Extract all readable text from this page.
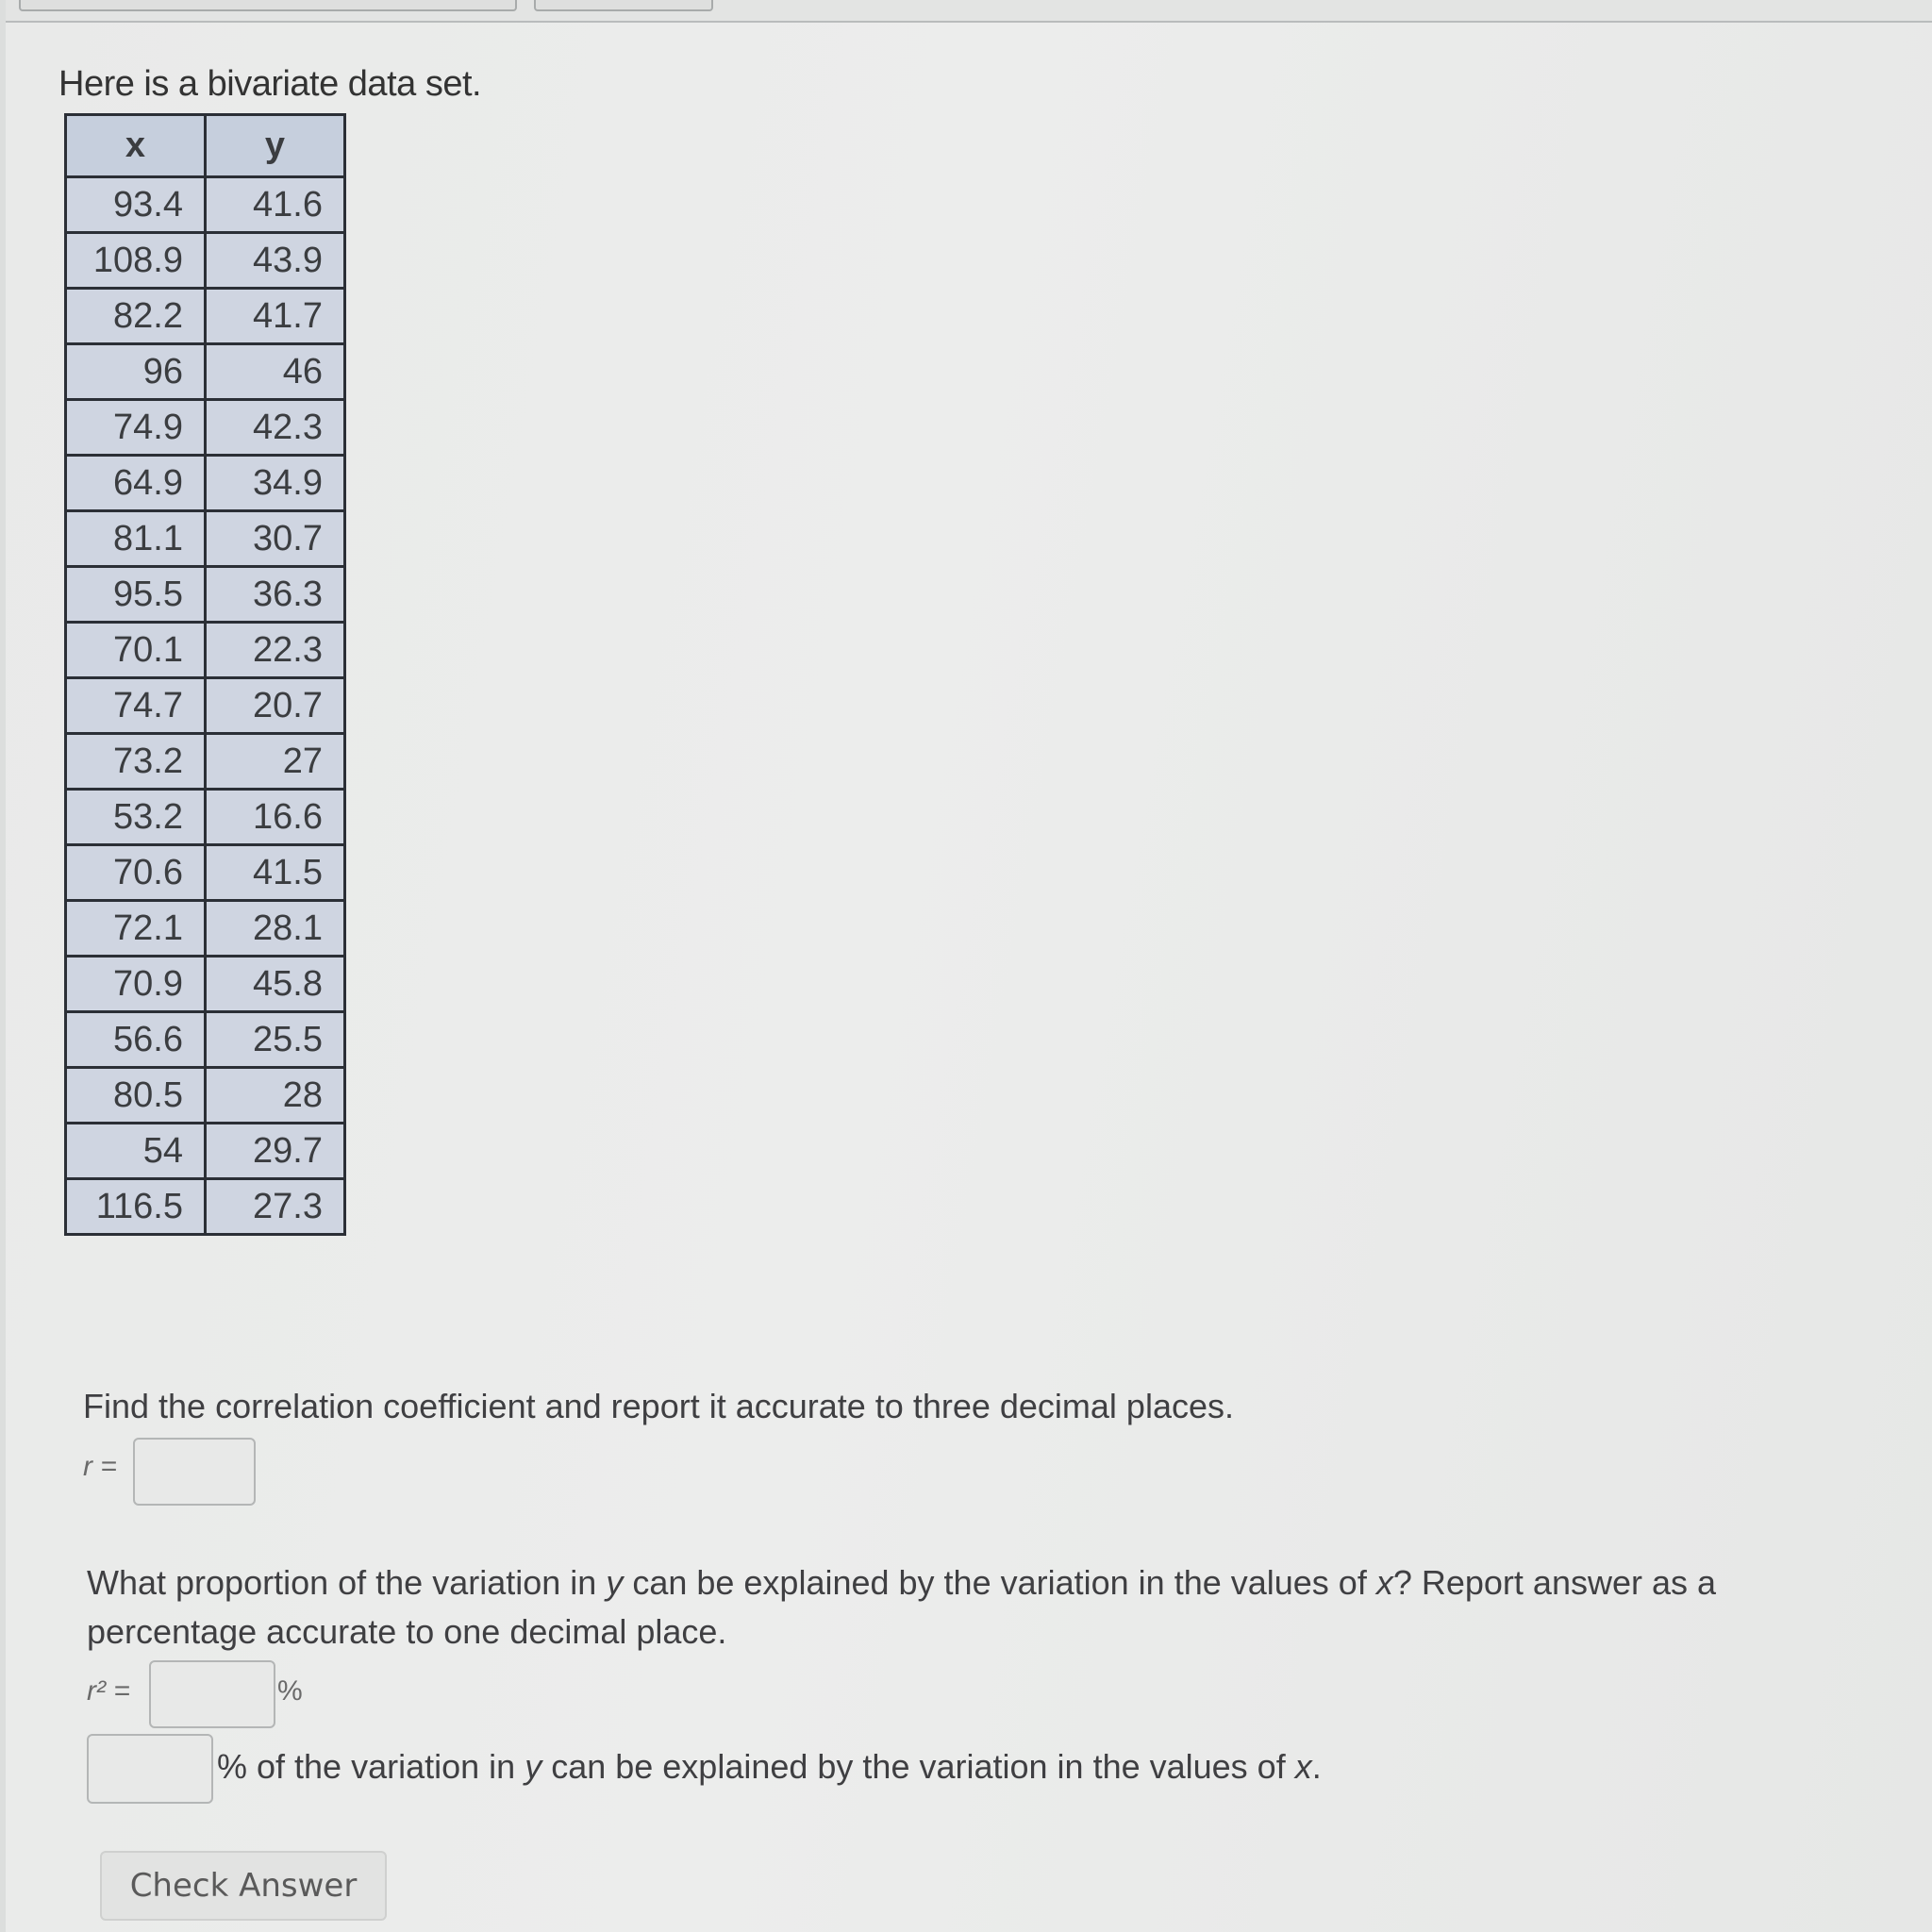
Here is a bivariate data set.
x	y
93.4	41.6
108.9	43.9
82.2	41.7
96	46
74.9	42.3
64.9	34.9
81.1	30.7
95.5	36.3
70.1	22.3
74.7	20.7
73.2	27
53.2	16.6
70.6	41.5
72.1	28.1
70.9	45.8
56.6	25.5
80.5	28
54	29.7
116.5	27.3
Find the correlation coefficient and report it accurate to three decimal places.
r =
What proportion of the variation in y can be explained by the variation in the values of x? Report answer as a percentage accurate to one decimal place.
r² =	%
% of the variation in y can be explained by the variation in the values of x.
Check Answer
